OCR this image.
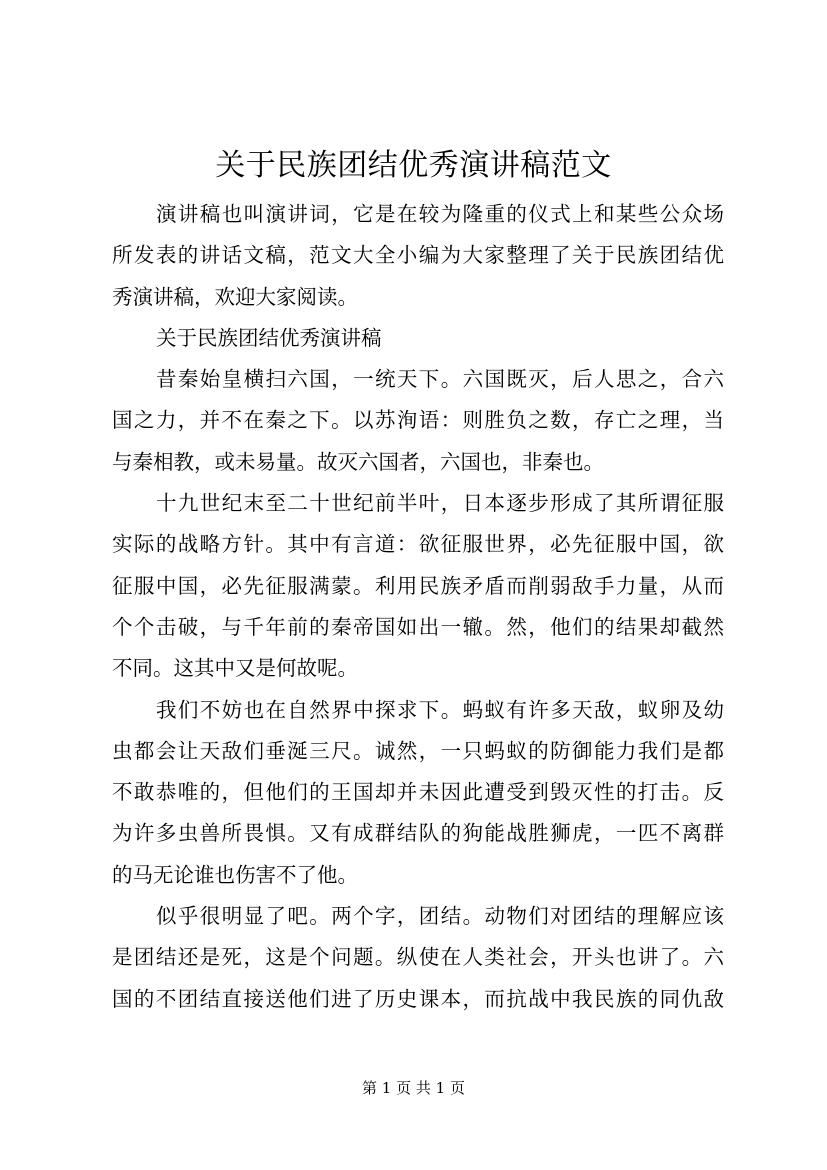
关于民族团结优秀演讲稿范文
演讲稿也叫演讲词，它是在较为隆重的仪式上和某些公众场
所发表的讲话文稿，范文大全小编为大家整理了关于民族团结优
秀演讲稿，欢迎大家阅读。
关于民族团结优秀演讲稿
昔秦始皇横扫六国，一统天下。六国既灭，后人思之，合六
国之力，并不在秦之下。以苏洵语：则胜负之数，存亡之理，当
与秦相教，或未易量。故灭六国者，六国也，非秦也。
十九世纪末至二十世纪前半叶，日本逐步形成了其所谓征服
实际的战略方针。其中有言道：欲征服世界，必先征服中国，欲
征服中国，必先征服满蒙。利用民族矛盾而削弱敌手力量，从而
个个击破，与千年前的秦帝国如出一辙。然，他们的结果却截然
不同。这其中又是何故呢。
我们不妨也在自然界中探求下。蚂蚁有许多天敌，蚁卵及幼
虫都会让天敌们垂涎三尺。诚然，一只蚂蚁的防御能力我们是都
不敢恭唯的，但他们的王国却并未因此遭受到毁灭性的打击。反
为许多虫兽所畏惧。又有成群结队的狗能战胜狮虎，一匹不离群
的马无论谁也伤害不了他。
似乎很明显了吧。两个字，团结。动物们对团结的理解应该
是团结还是死，这是个问题。纵使在人类社会，开头也讲了。六
国的不团结直接送他们进了历史课本，而抗战中我民族的同仇敌
第 1 页 共 1 页
